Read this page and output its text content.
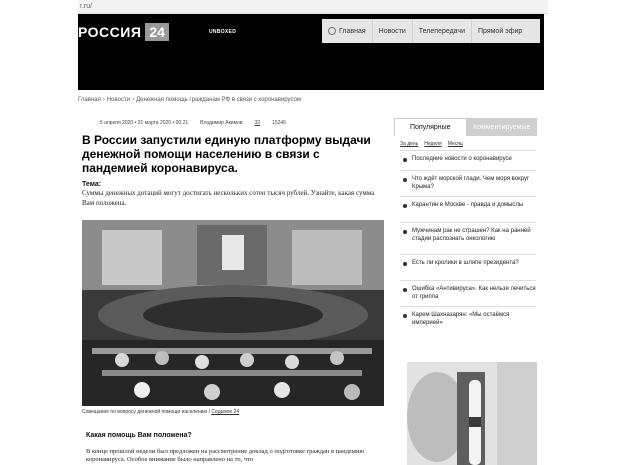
r.ru/
РОССИЯ 24	UNBOXED	Главная	Новости	Телепередачи	Прямой эфир
Главная › Новости › Денежная помощь гражданам РФ в связи с коронавирусом
5 апреля 2020 • 21 марта 2020 • 00:21 Владимир Акимов 32 15246
В России запустили единую платформу выдачи денежной помощи населению в связи с пандемией коронавируса.
Тема:

Суммы денежных дотаций могут достигать нескольких сотен тысяч рублей. Узнайте, какая сумма Вам положена.

Совещание по вопросу денежной помощи населению / Седьмое 24
Какая помощь Вам положена?

В конце прошлой недели был предложен на рассмотрение доклад о подготовке граждан в пандемию коронавируса. Особое внимание было направлено на то, что

Популярные	Комментируемые
За день Неделя Месяц
Последние новости о коронавирусе
Что ждёт морской глади. Чем моря вокруг Крыма?
Карантин в Москве - правда и домыслы
Мужчинам рак не страшен? Как на ранней стадии распознать онкологию
Есть ли кролики в шляпе президента?
Ошибка «Антивируса». Как нельзя лечиться от гриппа
Карем Шахназарян: «Мы остаёмся империей»
